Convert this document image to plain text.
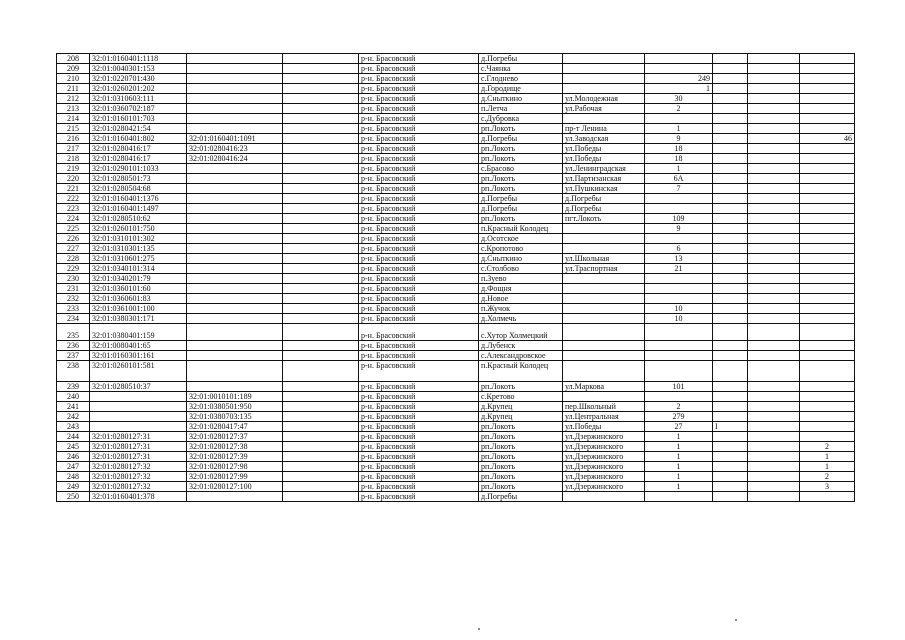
208	32:01:0160401:1118			р-н. Брасовский	д.Погребы					
209	32:01:0040301:153			р-н. Брасовский	с.Чаянка					
210	32:01:0220701:430			р-н. Брасовский	с.Глоднево		249			
211	32:01:0260201:202			р-н. Брасовский	д.Городище		1			
212	32:01:0310603:111			р-н. Брасовский	д.Сныткино	ул.Молодежная	30			
213	32:01:0360702:187			р-н. Брасовский	п.Летча	ул.Рабочая	2			
214	32:01:0160101:703			р-н. Брасовский	с.Дубровка					
215	32:01:0280421:54			р-н. Брасовский	рп.Локоть	пр-т Ленина	1			
216	32:01:0160401:802	32:01:0160401:1091		р-н. Брасовский	д.Погребы	ул.Заводская	9			46
217	32:01:0280416:17	32:01:0280416:23		р-н. Брасовский	рп.Локоть	ул.Победы	18			
218	32:01:0280416:17	32:01:0280416:24		р-н. Брасовский	рп.Локоть	ул.Победы	18			
219	32:01:0290101:1033			р-н. Брасовский	с.Брасово	ул.Ленинградская	1			
220	32:01:0280501:73			р-н. Брасовский	рп.Локоть	ул.Партизанская	6А			
221	32:01:0280504:68			р-н. Брасовский	рп.Локоть	ул.Пушкинская	7			
222	32:01:0160401:1376			р-н. Брасовский	д.Погребы	д.Погребы				
223	32:01:0160401:1497			р-н. Брасовский	д.Погребы	д.Погребы				
224	32:01:0280510:62			р-н. Брасовский	рп.Локоть	пгт.Локоть	109			
225	32:01:0260101:750			р-н. Брасовский	п.Красный Колодец		9			
226	32:01:0310101:302			р-н. Брасовский	д.Осотское					
227	32:01:0310301:135			р-н. Брасовский	с.Кропотово		6			
228	32:01:0310601:275			р-н. Брасовский	д.Сныткино	ул.Школьная	13			
229	32:01:0340101:314			р-н. Брасовский	с.Столбово	ул.Траспортная	21			
230	32:01:0340201:79			р-н. Брасовский	п.Зуево					
231	32:01:0360101:60			р-н. Брасовский	д.Фощня					
232	32:01:0360601:83			р-н. Брасовский	д.Новое					
233	32:01:0361001:100			р-н. Брасовский	п.Жучок		10			
234	32:01:0380301:171			р-н. Брасовский	д.Холмечь		10			
235	32:01:0380401:159			р-н. Брасовский	с.Хутор Холмецкий					
236	32:01:0080401:65			р-н. Брасовский	д.Лубенск					
237	32:01:0160301:161			р-н. Брасовский	с.Александровское					
238	32:01:0260101:581			р-н. Брасовский	п.Красный Колодец					
239	32:01:0280510:37			р-н. Брасовский	рп.Локоть	ул.Маркова	101			
240		32:01:0010101:189		р-н. Брасовский	с.Кретово					
241		32:01:0380501:950		р-н. Брасовский	д.Крупец	пер.Школьный	2			
242		32:01:0380703:135		р-н. Брасовский	д.Крупец	ул.Центральная	279			
243		32:01:0280417:47		р-н. Брасовский	рп.Локоть	ул.Победы	27	I		
244	32:01:0280127:31	32:01:0280127:37		р-н. Брасовский	рп.Локоть	ул.Дзержинского	1			
245	32:01:0280127:31	32:01:0280127:38		р-н. Брасовский	рп.Локоть	ул.Дзержинского	1			2
246	32:01:0280127:31	32:01:0280127:39		р-н. Брасовский	рп.Локоть	ул.Дзержинского	1			1
247	32:01:0280127:32	32:01:0280127:98		р-н. Брасовский	рп.Локоть	ул.Дзержинского	1			1
248	32:01:0280127:32	32:01:0280127:99		р-н. Брасовский	рп.Локоть	ул.Дзержинского	1			2
249	32:01:0280127:32	32:01:0280127:100		р-н. Брасовский	рп.Локоть	ул.Дзержинского	1			3
250	32:01:0160401:378			р-н. Брасовский	д.Погребы					
